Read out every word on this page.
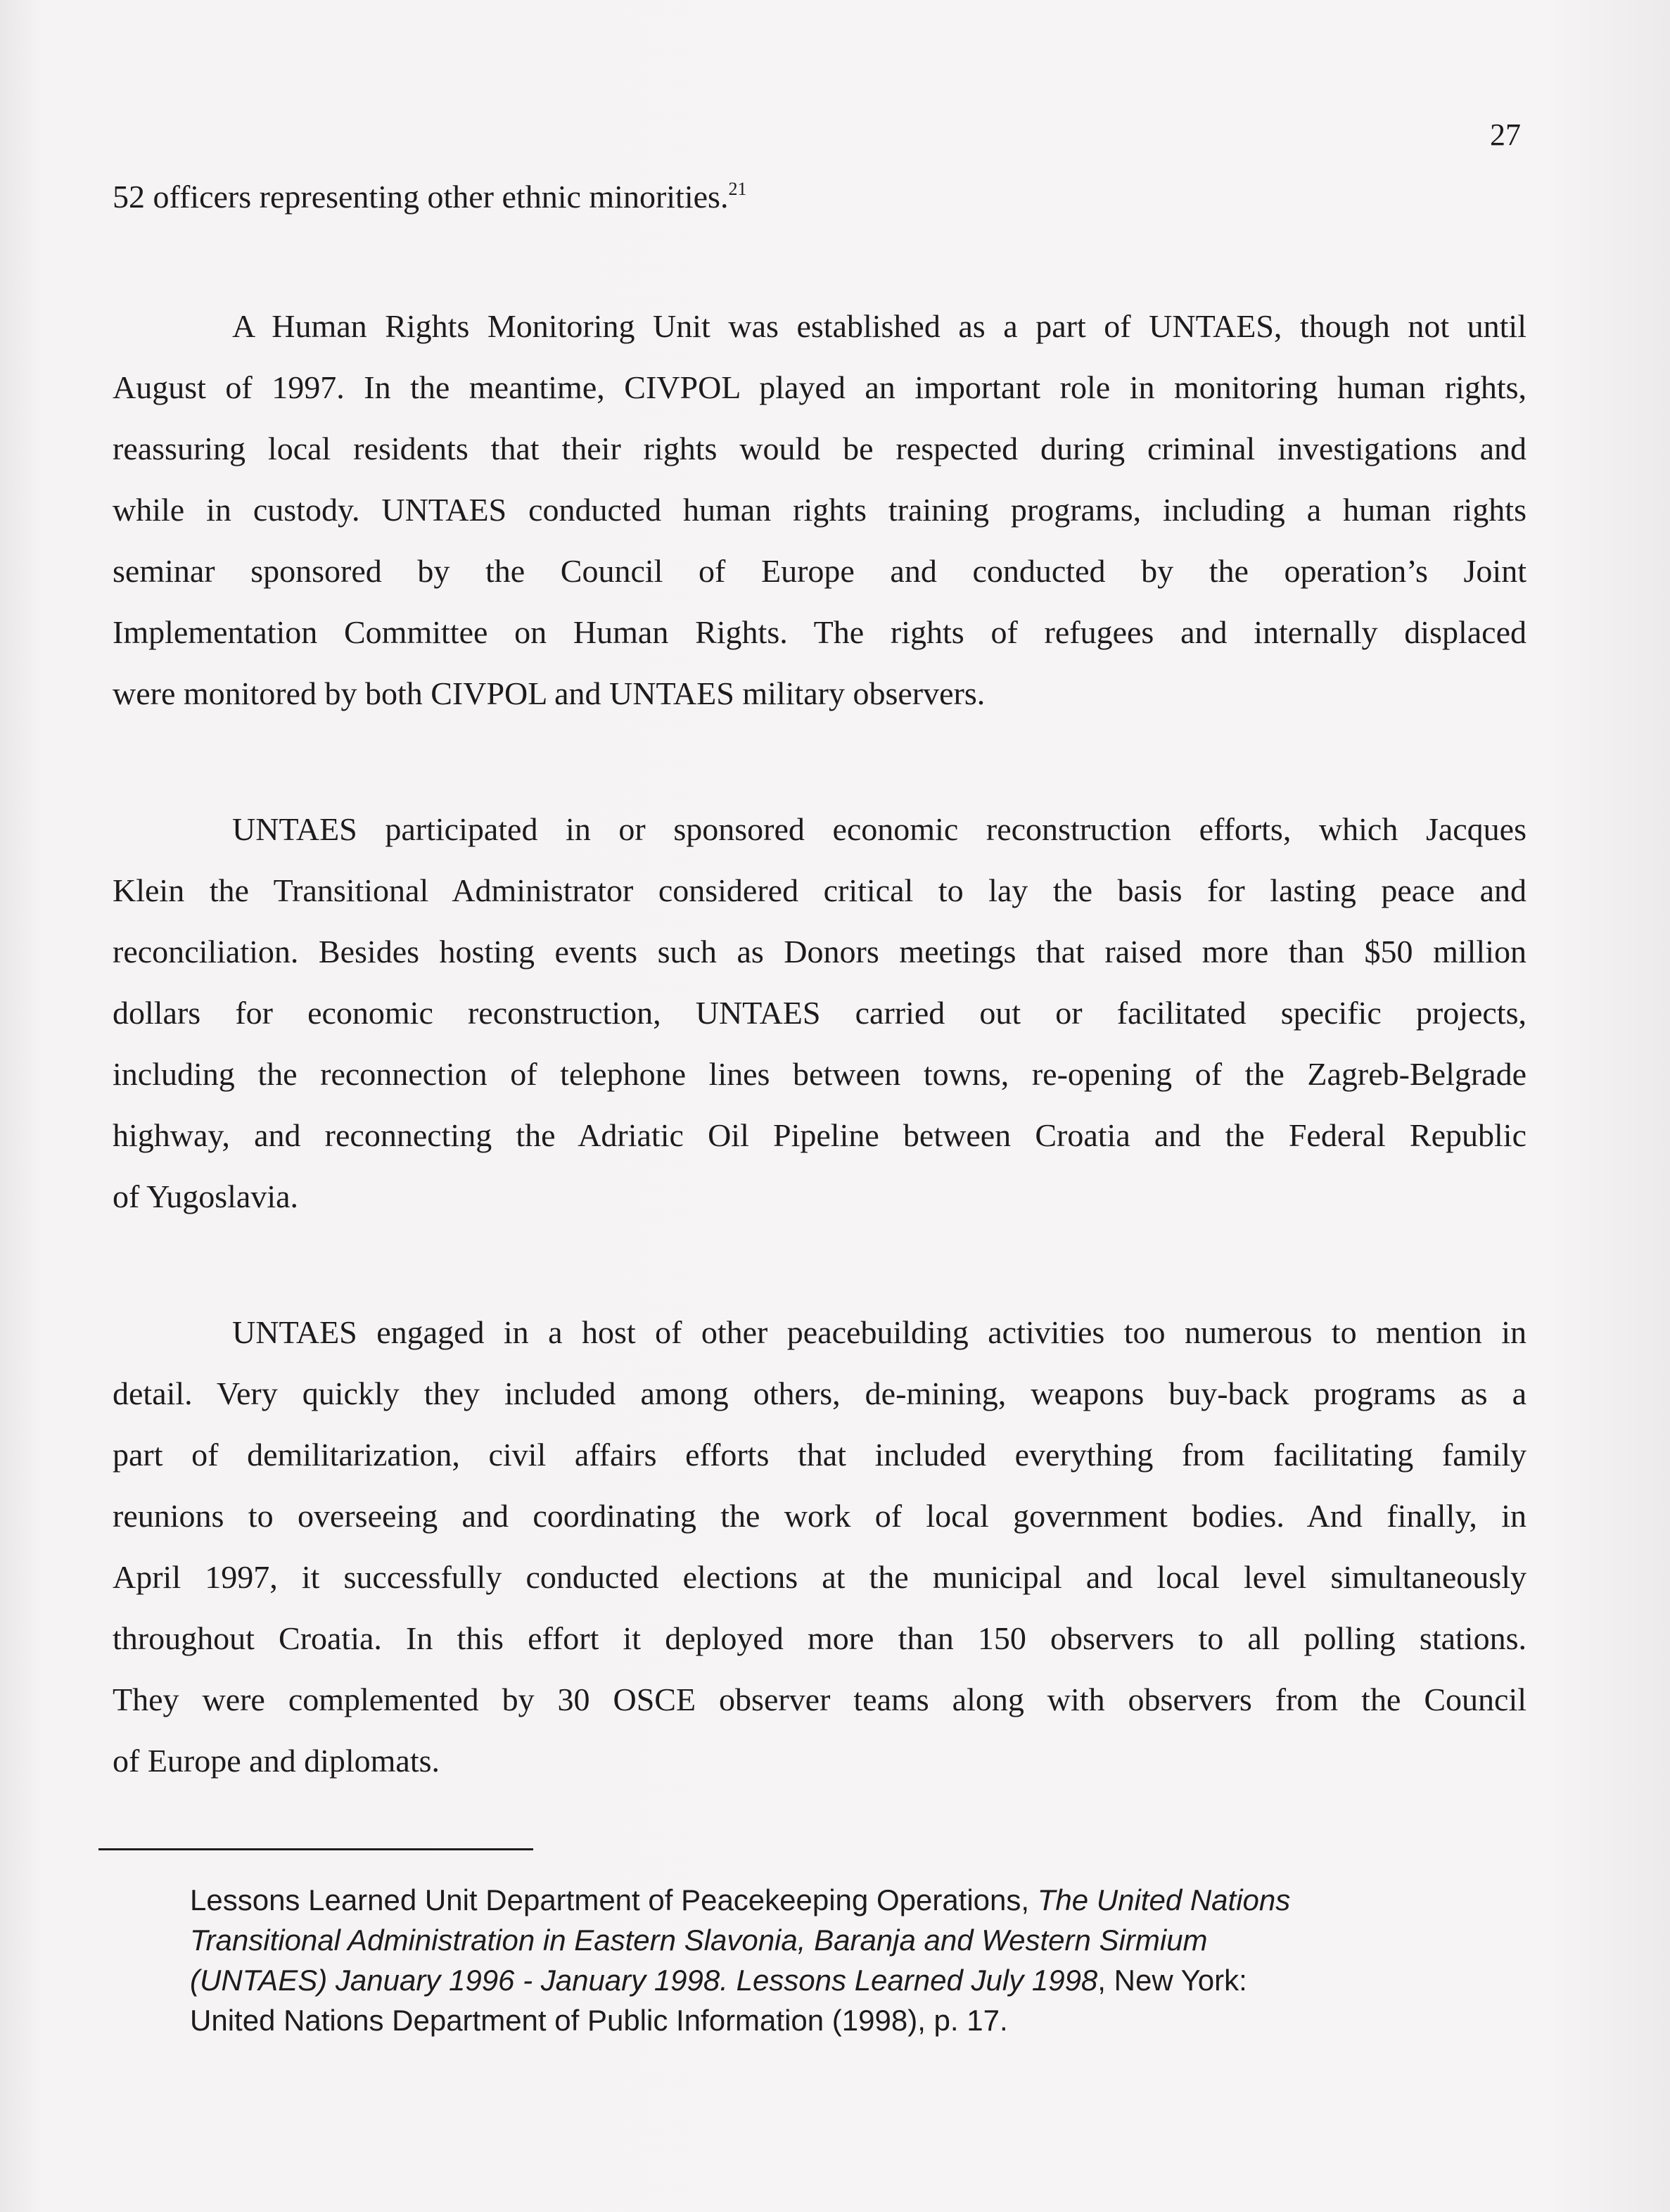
27
52 officers representing other ethnic minorities.$^{21}$
A Human Rights Monitoring Unit was established as a part of UNTAES, though not until
August of 1997. In the meantime, CIVPOL played an important role in monitoring human rights,
reassuring local residents that their rights would be respected during criminal investigations and
while in custody. UNTAES conducted human rights training programs, including a human rights
seminar sponsored by the Council of Europe and conducted by the operation’s Joint
Implementation Committee on Human Rights. The rights of refugees and internally displaced
were monitored by both CIVPOL and UNTAES military observers.
UNTAES participated in or sponsored economic reconstruction efforts, which Jacques
Klein the Transitional Administrator considered critical to lay the basis for lasting peace and
reconciliation. Besides hosting events such as Donors meetings that raised more than $50 million
dollars for economic reconstruction, UNTAES carried out or facilitated specific projects,
including the reconnection of telephone lines between towns, re-opening of the Zagreb-Belgrade
highway, and reconnecting the Adriatic Oil Pipeline between Croatia and the Federal Republic
of Yugoslavia.
UNTAES engaged in a host of other peacebuilding activities too numerous to mention in
detail. Very quickly they included among others, de-mining, weapons buy-back programs as a
part of demilitarization, civil affairs efforts that included everything from facilitating family
reunions to overseeing and coordinating the work of local government bodies. And finally, in
April 1997, it successfully conducted elections at the municipal and local level simultaneously
throughout Croatia. In this effort it deployed more than 150 observers to all polling stations.
They were complemented by 30 OSCE observer teams along with observers from the Council
of Europe and diplomats.
Lessons Learned Unit Department of Peacekeeping Operations, The United Nations
Transitional Administration in Eastern Slavonia, Baranja and Western Sirmium
(UNTAES) January 1996 - January 1998. Lessons Learned July 1998, New York:
United Nations Department of Public Information (1998), p. 17.
